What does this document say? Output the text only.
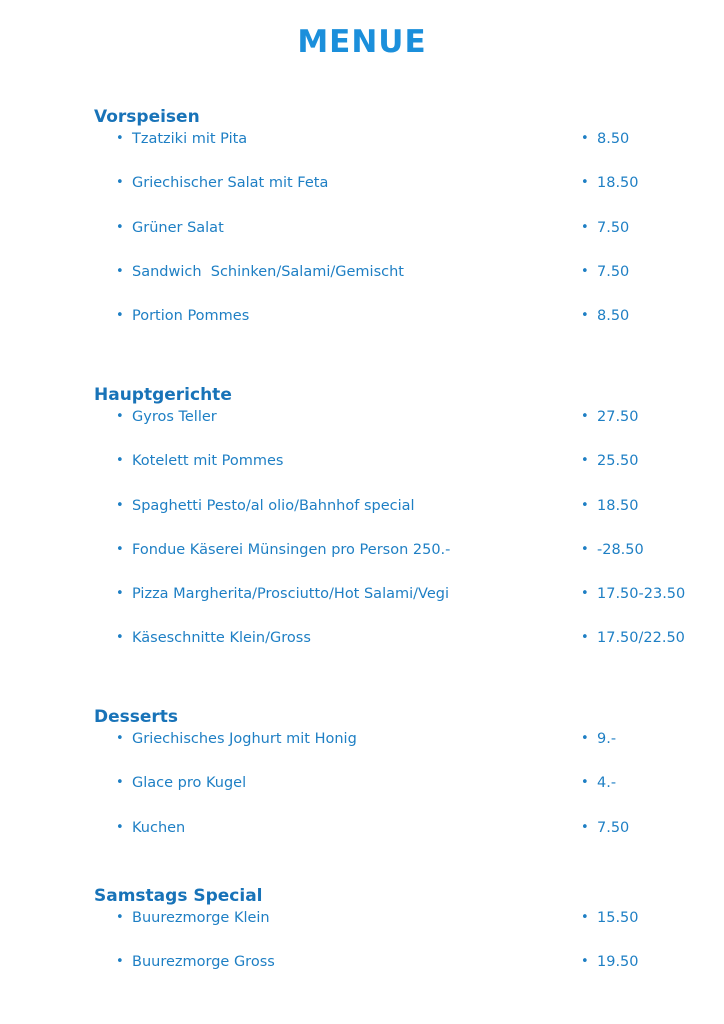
MENUE
Vorspeisen
• Tzatziki mit Pita	• 8.50
• Griechischer Salat mit Feta	• 18.50
• Grüner Salat	• 7.50
• Sandwich  Schinken/Salami/Gemischt	• 7.50
• Portion Pommes	• 8.50
Hauptgerichte
• Gyros Teller	• 27.50
• Kotelett mit Pommes	• 25.50
• Spaghetti Pesto/al olio/Bahnhof special	• 18.50
• Fondue Käserei Münsingen pro Person 250.-	• -28.50
• Pizza Margherita/Prosciutto/Hot Salami/Vegi	• 17.50-23.50
• Käseschnitte Klein/Gross	• 17.50/22.50
Desserts
• Griechisches Joghurt mit Honig	• 9.-
• Glace pro Kugel	• 4.-
• Kuchen	• 7.50
Samstags Special
• Buurezmorge Klein	• 15.50
• Buurezmorge Gross	• 19.50
